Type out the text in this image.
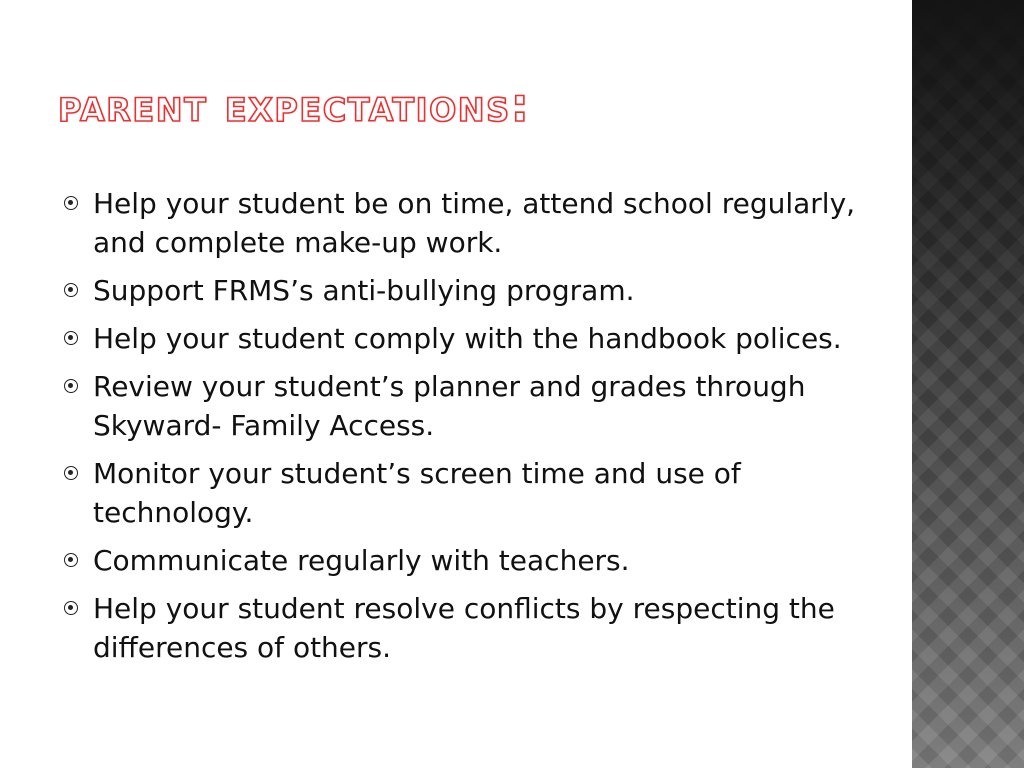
parent expectations:
Help your student be on time, attend school regularly, and complete make-up work.
Support FRMS’s anti-bullying program.
Help your student comply with the handbook polices.
Review your student’s planner and grades through Skyward- Family Access.
Monitor your student’s screen time and use of technology.
Communicate regularly with teachers.
Help your student resolve conflicts by respecting the differences of others.
